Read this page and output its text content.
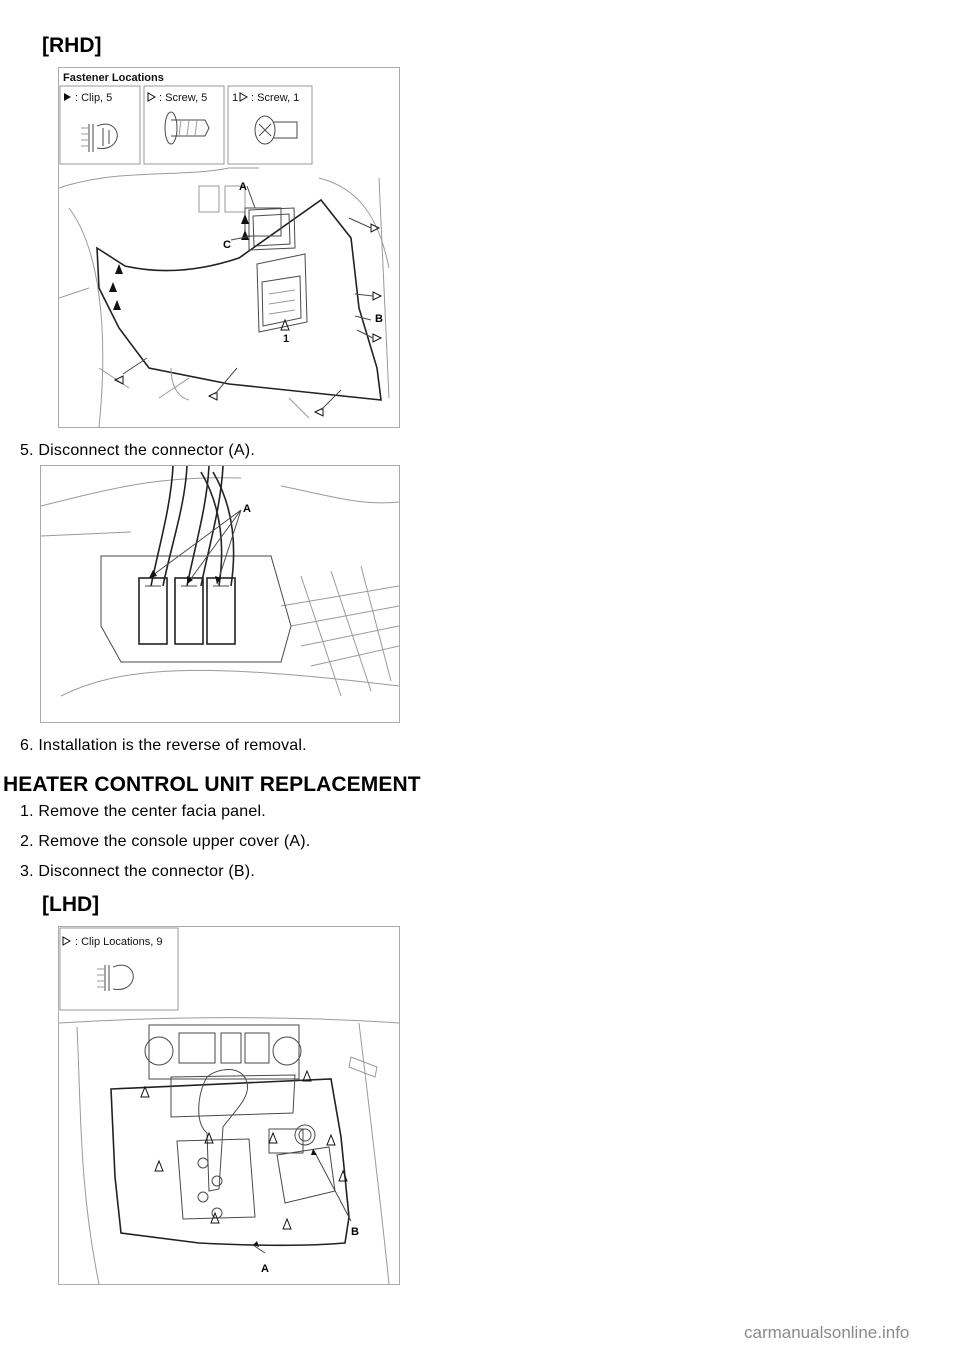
[RHD]
Fastener Locations
: Clip, 5	: Screw, 5 1 : Screw, 1
A
B
C
1
5. Disconnect the connector (A).
A
6. Installation is the reverse of removal.
HEATER CONTROL UNIT REPLACEMENT
1. Remove the center facia panel.
2. Remove the console upper cover (A).
3. Disconnect the connector (B).
[LHD]
: Clip Locations, 9
A
B
carmanualsonline.info
